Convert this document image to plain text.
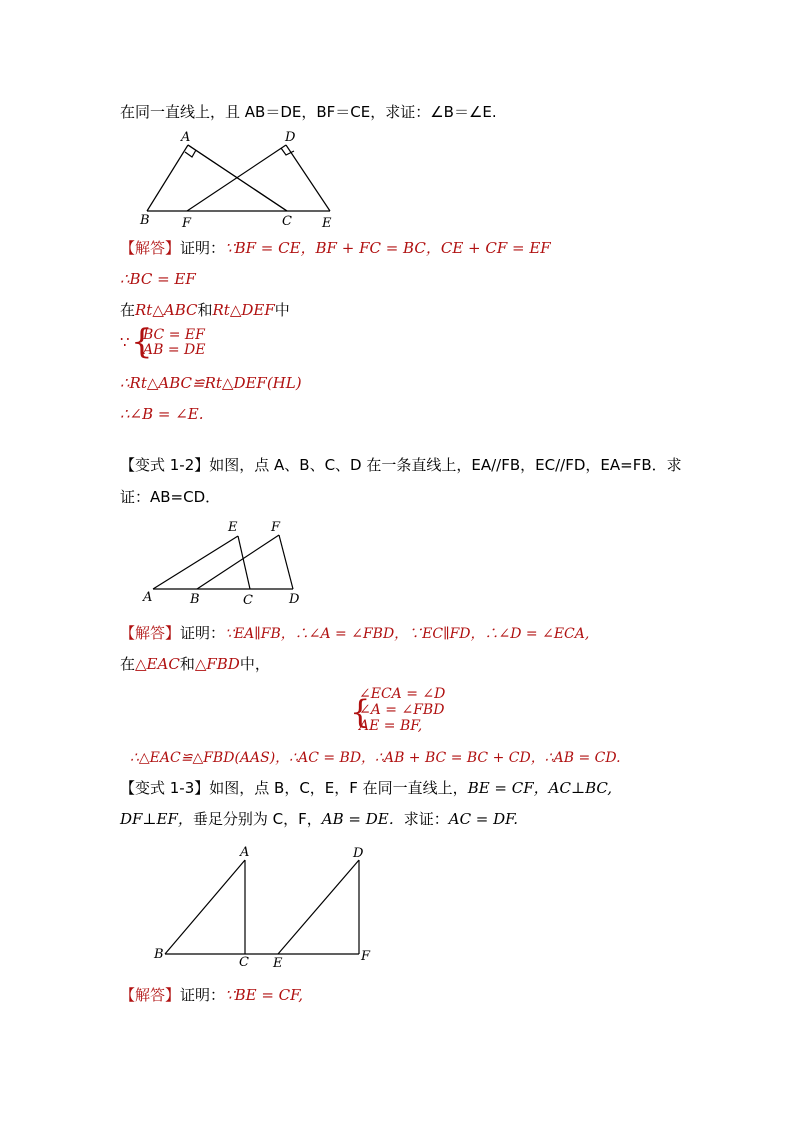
在同一直线上，且 AB＝DE，BF＝CE，求证：∠B＝∠E.
A	D
B F	C E
【解答】证明：∵BF = CE，BF + FC = BC，CE + CF = EF
∴BC = EF
在Rt△ABC和Rt△DEF中
∵ {
BC = EF
AB = DE
∴Rt△ABC≌Rt△DEF(HL)
∴∠B = ∠E.
【变式 1-2】如图，点 A、B、C、D 在一条直线上，EA//FB，EC//FD，EA=FB．求
证：AB=CD．
E	F
A	B	C	D
【解答】证明：∵EA∥FB，∴∠A = ∠FBD，∵EC∥FD，∴∠D = ∠ECA,
在△EAC和△FBD中，
{
∠ECA = ∠D
∠A = ∠FBD
AE = BF,
∴△EAC≌△FBD(AAS)，∴AC = BD，∴AB + BC = BC + CD，∴AB = CD.
【变式 1-3】如图，点 B，C，E，F 在同一直线上，BE = CF，AC⊥BC,
DF⊥EF，垂足分别为 C，F，AB = DE．求证：AC = DF.
A	D
B
C E	F
【解答】证明：∵BE = CF,
